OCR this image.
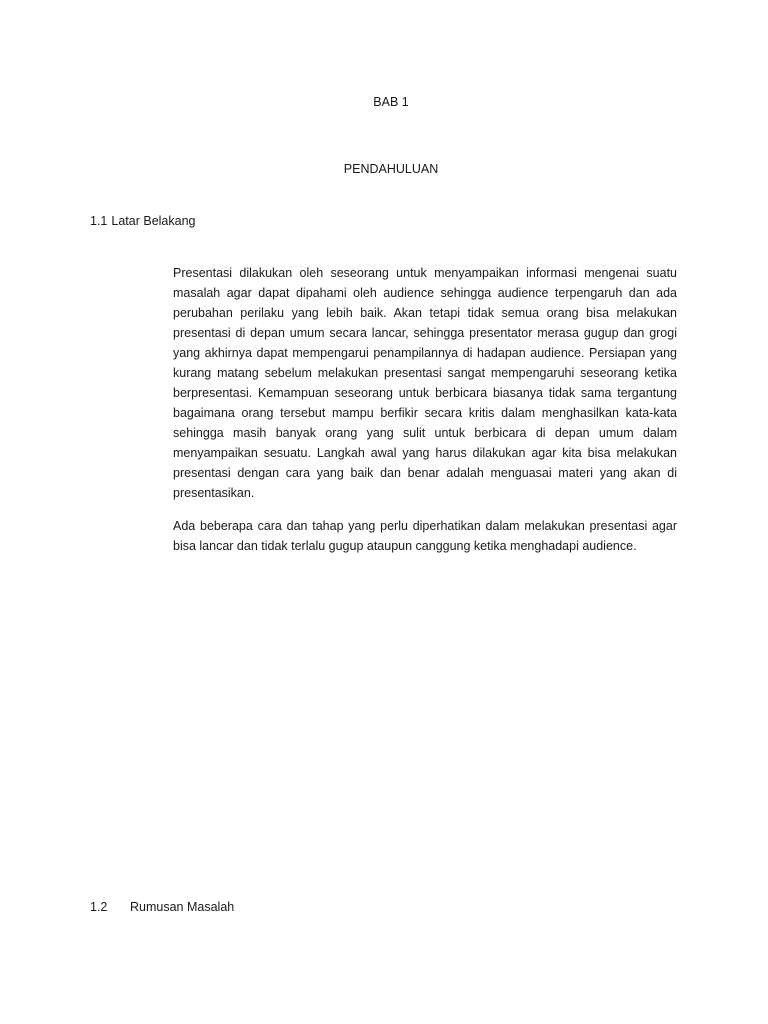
BAB 1
PENDAHULUAN
1.1 Latar Belakang

Presentasi dilakukan oleh seseorang untuk menyampaikan informasi mengenai suatu masalah agar dapat dipahami oleh audience sehingga audience terpengaruh dan ada perubahan perilaku yang lebih baik. Akan tetapi tidak semua orang bisa melakukan presentasi di depan umum secara lancar, sehingga presentator merasa gugup dan grogi yang akhirnya dapat mempengarui penampilannya di hadapan audience. Persiapan yang kurang matang sebelum melakukan presentasi sangat mempengaruhi seseorang ketika berpresentasi. Kemampuan seseorang untuk berbicara biasanya tidak sama tergantung bagaimana orang tersebut mampu berfikir secara kritis dalam menghasilkan kata-kata sehingga masih banyak orang yang sulit untuk berbicara di depan umum dalam menyampaikan sesuatu. Langkah awal yang harus dilakukan agar kita bisa melakukan presentasi dengan cara yang baik dan benar adalah menguasai materi yang akan di presentasikan.

Ada beberapa cara dan tahap yang perlu diperhatikan dalam melakukan presentasi agar bisa lancar dan tidak terlalu gugup ataupun canggung ketika menghadapi audience.

1.2 Rumusan Masalah
